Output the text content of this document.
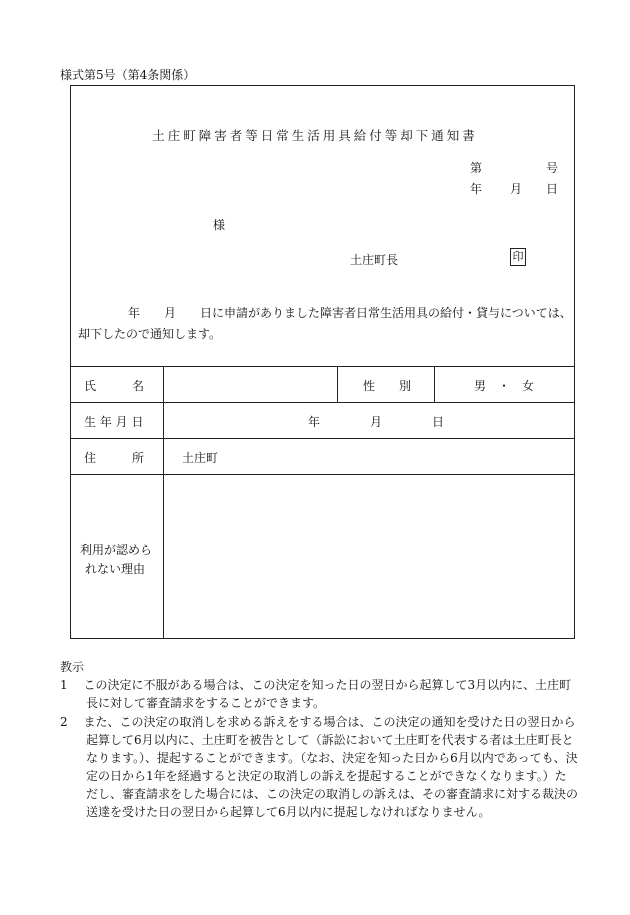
様式第5号（第4条関係）
土庄町障害者等日常生活用具給付等却下通知書
第	号
年 月 日
様
土庄町長	印
年　　月　　日に申請がありました障害者日常生活用具の給付・貸与については、却下したので通知します。
氏　　　名	性　　別	男　・　女
生 年 月 日	年	月	日
住　　　所	土庄町
利用が認めら
れない理由
教示
1　 この決定に不服がある場合は、この決定を知った日の翌日から起算して3月以内に、土庄町長に対して審査請求をすることができます。
2　 また、この決定の取消しを求める訴えをする場合は、この決定の通知を受けた日の翌日から起算して6月以内に、土庄町を被告として（訴訟において土庄町を代表する者は土庄町長となります。）、提起することができます。（なお、決定を知った日から6月以内であっても、決定の日から1年を経過すると決定の取消しの訴えを提起することができなくなります。）ただし、審査請求をした場合には、この決定の取消しの訴えは、その審査請求に対する裁決の送達を受けた日の翌日から起算して6月以内に提起しなければなりません。
